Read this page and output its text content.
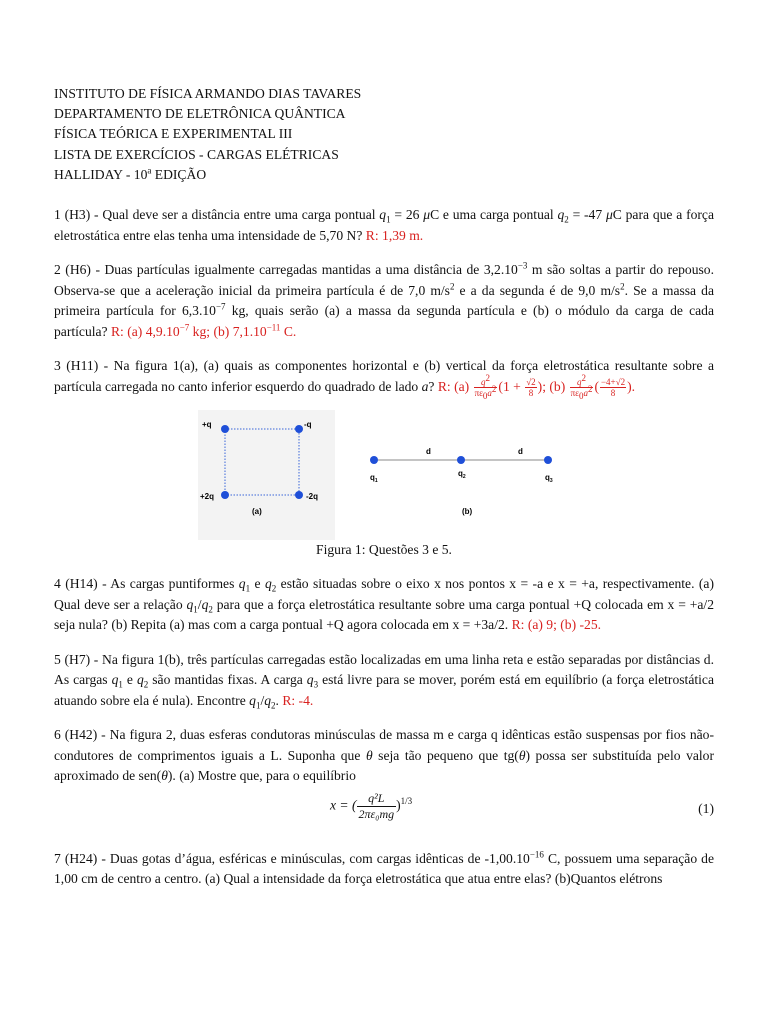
INSTITUTO DE FÍSICA ARMANDO DIAS TAVARES
DEPARTAMENTO DE ELETRÔNICA QUÂNTICA
FÍSICA TEÓRICA E EXPERIMENTAL III
LISTA DE EXERCÍCIOS - CARGAS ELÉTRICAS
HALLIDAY - 10$^a$ EDIÇÃO

1 (H3) - Qual deve ser a distância entre uma carga pontual $q_1 = 26$ μC e uma carga pontual $q_2 = -47$ μC para que a força eletrostática entre elas tenha uma intensidade de 5,70 N? R: 1,39 m.

2 (H6) - Duas partículas igualmente carregadas mantidas a uma distância de $3,2.10^{-3}$ m são soltas a partir do repouso. Observa-se que a aceleração inicial da primeira partícula é de 7,0 $m/s^2$ e a da segunda é de 9,0 $m/s^2$. Se a massa da primeira partícula for $6,3.10^{-7}$ kg, quais serão (a) a massa da segunda partícula e (b) o módulo da carga de cada partícula? R: (a) $4,9.10^{-7}$ kg; (b) $7,1.10^{-11}$ C.

3 (H11) - Na figura 1(a), (a) quais as componentes horizontal e (b) vertical da força eletrostática resultante sobre a partícula carregada no canto inferior esquerdo do quadrado de lado a? R: $(a) \frac{q^2}{\pi\varepsilon_0a^2} (1 + \frac{√2}{8}$ ); $(b) \frac{q^2}{\pi\varepsilon_0a^2}$ ( $\frac{-4+√2}{8}$ ).

+q	-q
+2q	-2q
(a)
d	d
$q_1$
$q_2$	$q_3$
(b)

Figura 1: Questões 3 e 5.

4 (H14) - As cargas puntiformes $q_1$ e $q_2$ estão situadas sobre o eixo x nos pontos x = -a e x = +a, respectivamente. (a) Qual deve ser a relação $q_1/q_2$ para que a força eletrostática resultante sobre uma carga pontual +Q colocada em x = +a/2 seja nula? (b) Repita (a) mas com a carga pontual +Q agora colocada em x = +3a/2. R: (a) 9; (b) -25.

5 (H7) - Na figura 1(b), três partículas carregadas estão localizadas em uma linha reta e estão separadas por distâncias d. As cargas $q_1$ e $q_2$ são mantidas fixas. A carga $q_3$ está livre para se mover, porém está em equilíbrio (a força eletrostática atuando sobre ela é nula). Encontre $q_1/q_2$. R: -4.

6 (H42) - Na figura 2, duas esferas condutoras minúsculas de massa m e carga q idênticas estão suspensas por fios não-condutores de comprimentos iguais a L. Suponha que θ seja tão pequeno que tg(θ) possa ser substituída pelo valor aproximado de sen(θ). (a) Mostre que, para o equilíbrio

x = ( $\frac{\text{q²L}}{\text{2πε₀mg}} )^{1/3}$	(1)

7 (H24) - Duas gotas d’água, esféricas e minúsculas, com cargas idênticas de $-1,00.10^{-16}$ C, possuem uma separação de 1,00 cm de centro a centro. (a) Qual a intensidade da força eletrostática que atua entre elas? (b)Quantos elétrons
